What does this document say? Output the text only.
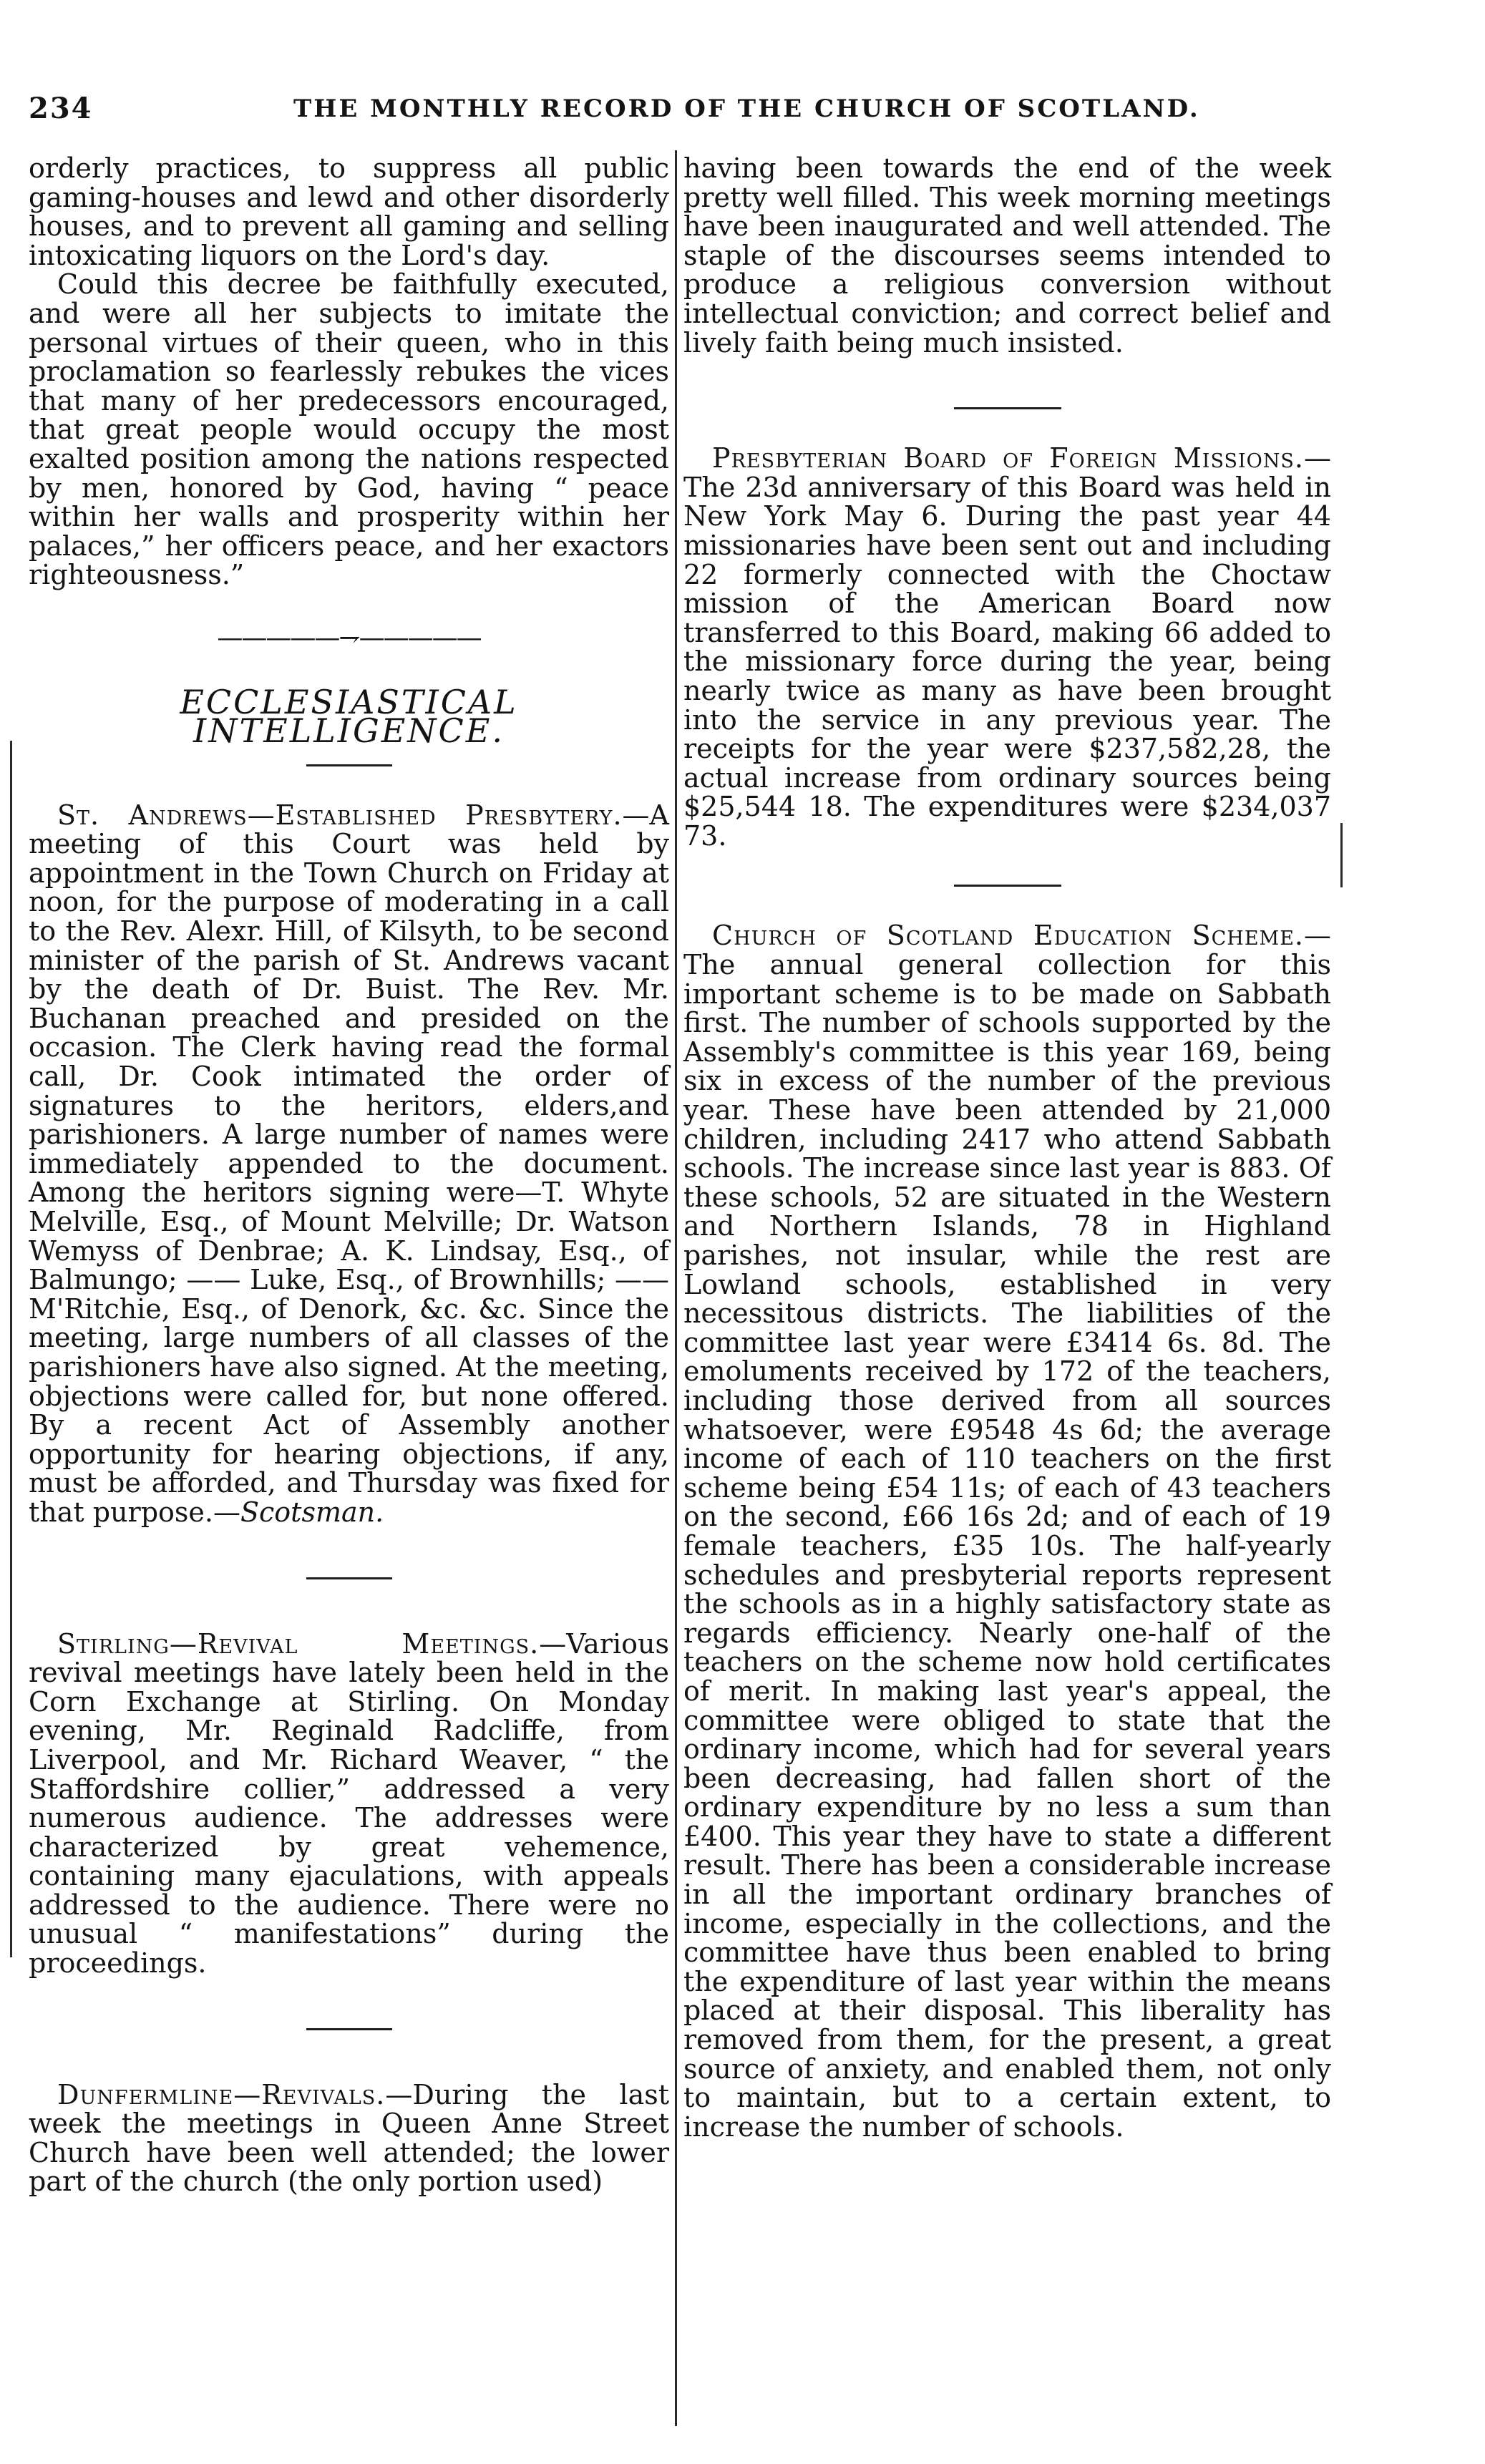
234	THE MONTHLY RECORD OF THE CHURCH OF SCOTLAND.

orderly practices, to suppress all public gaming-houses and lewd and other disorderly houses, and to prevent all gaming and selling intoxicating liquors on the Lord's day.

Could this decree be faithfully executed, and were all her subjects to imitate the personal virtues of their queen, who in this proclamation so fearlessly rebukes the vices that many of her predecessors encouraged, that great people would occupy the most exalted position among the nations respected by men, honored by God, having “ peace within her walls and prosperity within her palaces,” her officers peace, and her exactors righteousness.”

—————⇁—————
ECCLESIASTICAL INTELLIGENCE.

St. Andrews—Established Presbytery.—A meeting of this Court was held by appointment in the Town Church on Friday at noon, for the purpose of moderating in a call to the Rev. Alexr. Hill, of Kilsyth, to be second minister of the parish of St. Andrews vacant by the death of Dr. Buist. The Rev. Mr. Buchanan preached and presided on the occasion. The Clerk having read the formal call, Dr. Cook intimated the order of signatures to the heritors, elders,and parishioners. A large number of names were immediately appended to the document. Among the heritors signing were—T. Whyte Melville, Esq., of Mount Melville; Dr. Watson Wemyss of Denbrae; A. K. Lindsay, Esq., of Balmungo; —— Luke, Esq., of Brownhills; —— M'Ritchie, Esq., of Denork, &c. &c. Since the meeting, large numbers of all classes of the parishioners have also signed. At the meeting, objections were called for, but none offered. By a recent Act of Assembly another opportunity for hearing objections, if any, must be afforded, and Thursday was fixed for that purpose.—Scotsman.

Stirling—Revival Meetings.—Various revival meetings have lately been held in the Corn Exchange at Stirling. On Monday evening, Mr. Reginald Radcliffe, from Liverpool, and Mr. Richard Weaver, “ the Staffordshire collier,” addressed a very numerous audience. The addresses were characterized by great vehemence, containing many ejaculations, with appeals addressed to the audience. There were no unusual “ manifestations” during the proceedings.

Dunfermline—Revivals.—During the last week the meetings in Queen Anne Street Church have been well attended; the lower part of the church (the only portion used)

having been towards the end of the week pretty well filled. This week morning meetings have been inaugurated and well attended. The staple of the discourses seems intended to produce a religious conversion without intellectual conviction; and correct belief and lively faith being much insisted.

Presbyterian Board of Foreign Missions.—The 23d anniversary of this Board was held in New York May 6. During the past year 44 missionaries have been sent out and including 22 formerly connected with the Choctaw mission of the American Board now transferred to this Board, making 66 added to the missionary force during the year, being nearly twice as many as have been brought into the service in any previous year. The receipts for the year were $237,582,28, the actual increase from ordinary sources being $25,544 18. The expenditures were $234,037 73.

Church of Scotland Education Scheme.—The annual general collection for this important scheme is to be made on Sabbath first. The number of schools supported by the Assembly's committee is this year 169, being six in excess of the number of the previous year. These have been attended by 21,000 children, including 2417 who attend Sabbath schools. The increase since last year is 883. Of these schools, 52 are situated in the Western and Northern Islands, 78 in Highland parishes, not insular, while the rest are Lowland schools, established in very necessitous districts. The liabilities of the committee last year were £3414 6s. 8d. The emoluments received by 172 of the teachers, including those derived from all sources whatsoever, were £9548 4s 6d; the average income of each of 110 teachers on the first scheme being £54 11s; of each of 43 teachers on the second, £66 16s 2d; and of each of 19 female teachers, £35 10s. The half-yearly schedules and presbyterial reports represent the schools as in a highly satisfactory state as regards efficiency. Nearly one-half of the teachers on the scheme now hold certificates of merit. In making last year's appeal, the committee were obliged to state that the ordinary income, which had for several years been decreasing, had fallen short of the ordinary expenditure by no less a sum than £400. This year they have to state a different result. There has been a considerable increase in all the important ordinary branches of income, especially in the collections, and the committee have thus been enabled to bring the expenditure of last year within the means placed at their disposal. This liberality has removed from them, for the present, a great source of anxiety, and enabled them, not only to maintain, but to a certain extent, to increase the number of schools.
